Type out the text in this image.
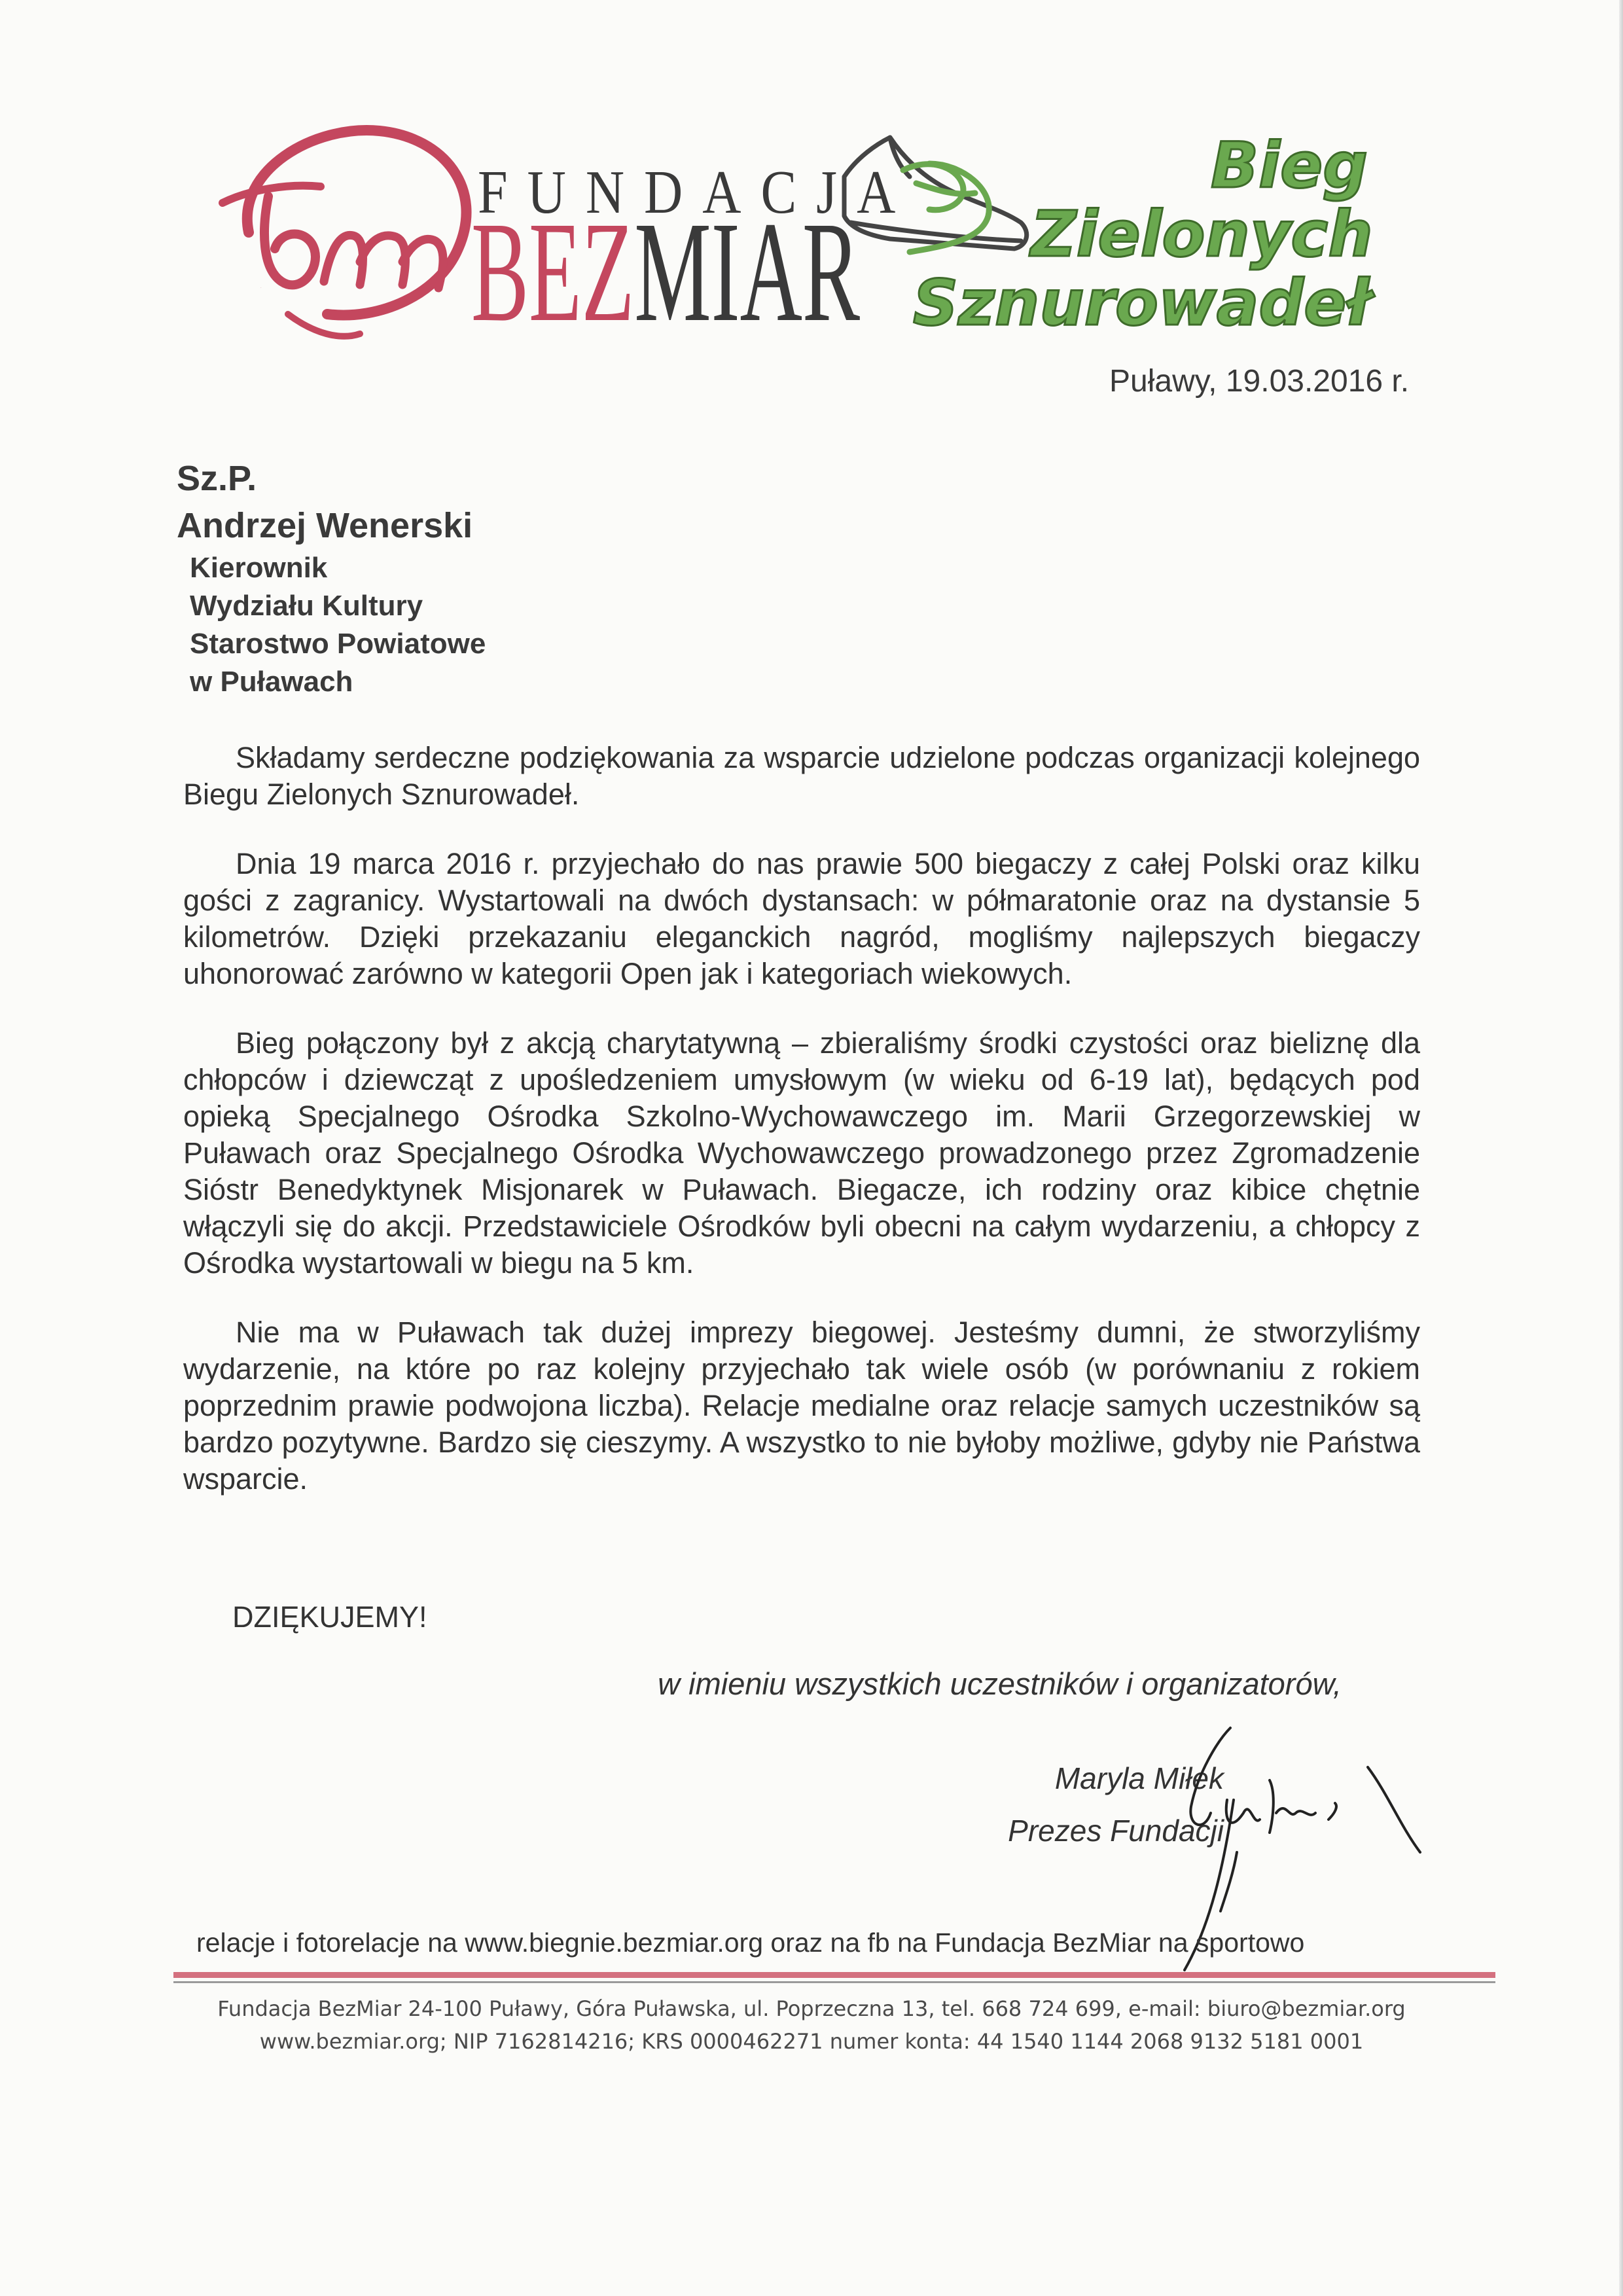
bm
FUNDACJA
BEZMIAR
Bieg
Zielonych
Sznurowadeł
Puławy, 19.03.2016 r.
Sz.P.
Andrzej Wenerski
Kierownik
Wydziału Kultury
Starostwo Powiatowe
w Puławach

Składamy serdeczne podziękowania za wsparcie udzielone podczas organizacji kolejnego Biegu Zielonych Sznurowadeł.

Dnia 19 marca 2016 r. przyjechało do nas prawie 500 biegaczy z całej Polski oraz kilku gości z zagranicy. Wystartowali na dwóch dystansach: w półmaratonie oraz na dystansie 5 kilometrów. Dzięki przekazaniu eleganckich nagród, mogliśmy najlepszych biegaczy uhonorować zarówno w kategorii Open jak i kategoriach wiekowych.

Bieg połączony był z akcją charytatywną – zbieraliśmy środki czystości oraz bieliznę dla chłopców i dziewcząt z upośledzeniem umysłowym (w wieku od 6-19 lat), będących pod opieką Specjalnego Ośrodka Szkolno-Wychowawczego im. Marii Grzegorzewskiej w Puławach oraz Specjalnego Ośrodka Wychowawczego prowadzonego przez Zgromadzenie Sióstr Benedyktynek Misjonarek w Puławach. Biegacze, ich rodziny oraz kibice chętnie włączyli się do akcji. Przedstawiciele Ośrodków byli obecni na całym wydarzeniu, a chłopcy z Ośrodka wystartowali w biegu na 5 km.

Nie ma w Puławach tak dużej imprezy biegowej. Jesteśmy dumni, że stworzyliśmy wydarzenie, na które po raz kolejny przyjechało tak wiele osób (w porównaniu z rokiem poprzednim prawie podwojona liczba). Relacje medialne oraz relacje samych uczestników są bardzo pozytywne. Bardzo się cieszymy. A wszystko to nie byłoby możliwe, gdyby nie Państwa wsparcie.

DZIĘKUJEMY!
w imieniu wszystkich uczestników i organizatorów,
Maryla Miłek
Prezes Fundacji
relacje i fotorelacje na www.biegnie.bezmiar.org oraz na fb na Fundacja BezMiar na sportowo
Fundacja BezMiar 24-100 Puławy, Góra Puławska, ul. Poprzeczna 13, tel. 668 724 699, e-mail: biuro@bezmiar.org
www.bezmiar.org; NIP 7162814216; KRS 0000462271 numer konta: 44 1540 1144 2068 9132 5181 0001
